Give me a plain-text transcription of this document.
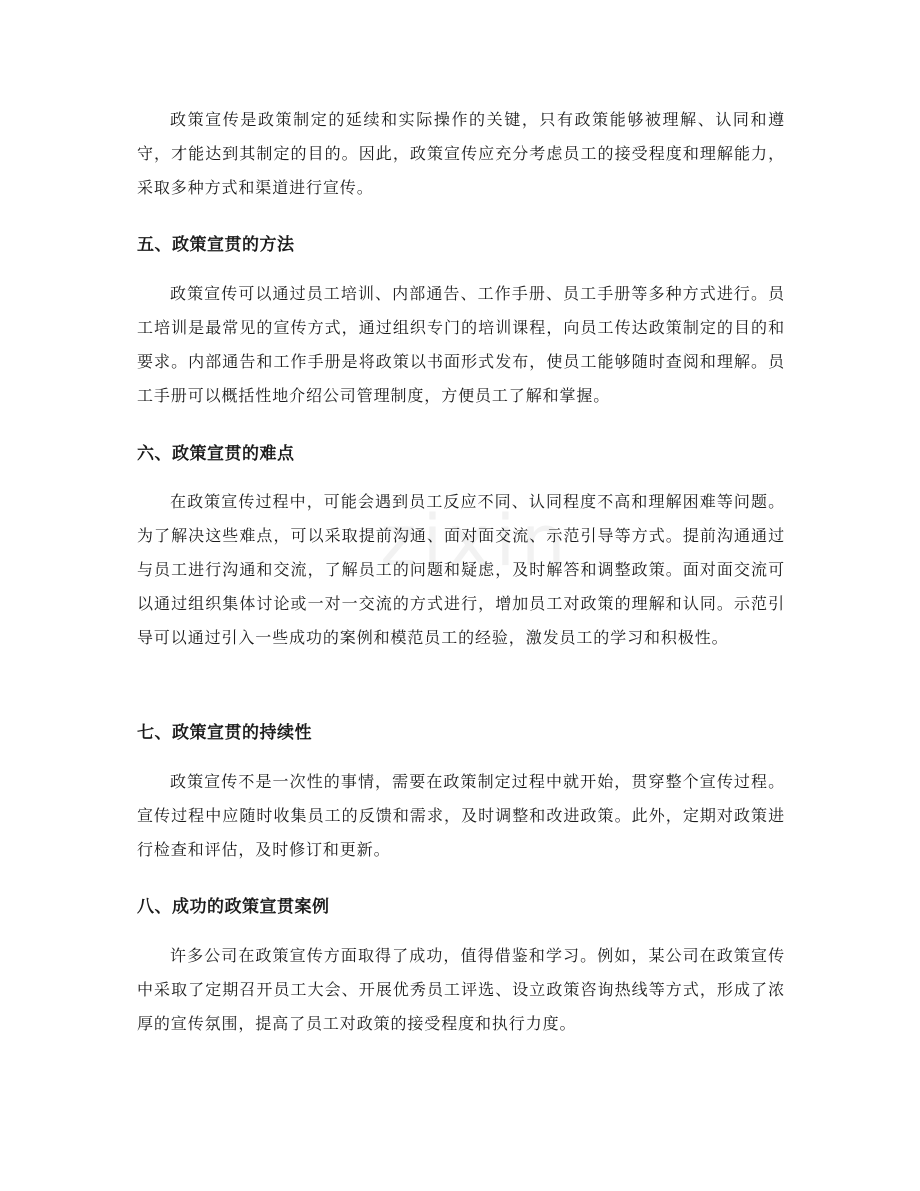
zixin

政策宣传是政策制定的延续和实际操作的关键，只有政策能够被理解、认同和遵守，才能达到其制定的目的。因此，政策宣传应充分考虑员工的接受程度和理解能力，采取多种方式和渠道进行宣传。

五、政策宣贯的方法

政策宣传可以通过员工培训、内部通告、工作手册、员工手册等多种方式进行。员工培训是最常见的宣传方式，通过组织专门的培训课程，向员工传达政策制定的目的和要求。内部通告和工作手册是将政策以书面形式发布，使员工能够随时查阅和理解。员工手册可以概括性地介绍公司管理制度，方便员工了解和掌握。

六、政策宣贯的难点

在政策宣传过程中，可能会遇到员工反应不同、认同程度不高和理解困难等问题。为了解决这些难点，可以采取提前沟通、面对面交流、示范引导等方式。提前沟通通过与员工进行沟通和交流，了解员工的问题和疑虑，及时解答和调整政策。面对面交流可以通过组织集体讨论或一对一交流的方式进行，增加员工对政策的理解和认同。示范引导可以通过引入一些成功的案例和模范员工的经验，激发员工的学习和积极性。

七、政策宣贯的持续性

政策宣传不是一次性的事情，需要在政策制定过程中就开始，贯穿整个宣传过程。宣传过程中应随时收集员工的反馈和需求，及时调整和改进政策。此外，定期对政策进行检查和评估，及时修订和更新。

八、成功的政策宣贯案例

许多公司在政策宣传方面取得了成功，值得借鉴和学习。例如，某公司在政策宣传中采取了定期召开员工大会、开展优秀员工评选、设立政策咨询热线等方式，形成了浓厚的宣传氛围，提高了员工对政策的接受程度和执行力度。
